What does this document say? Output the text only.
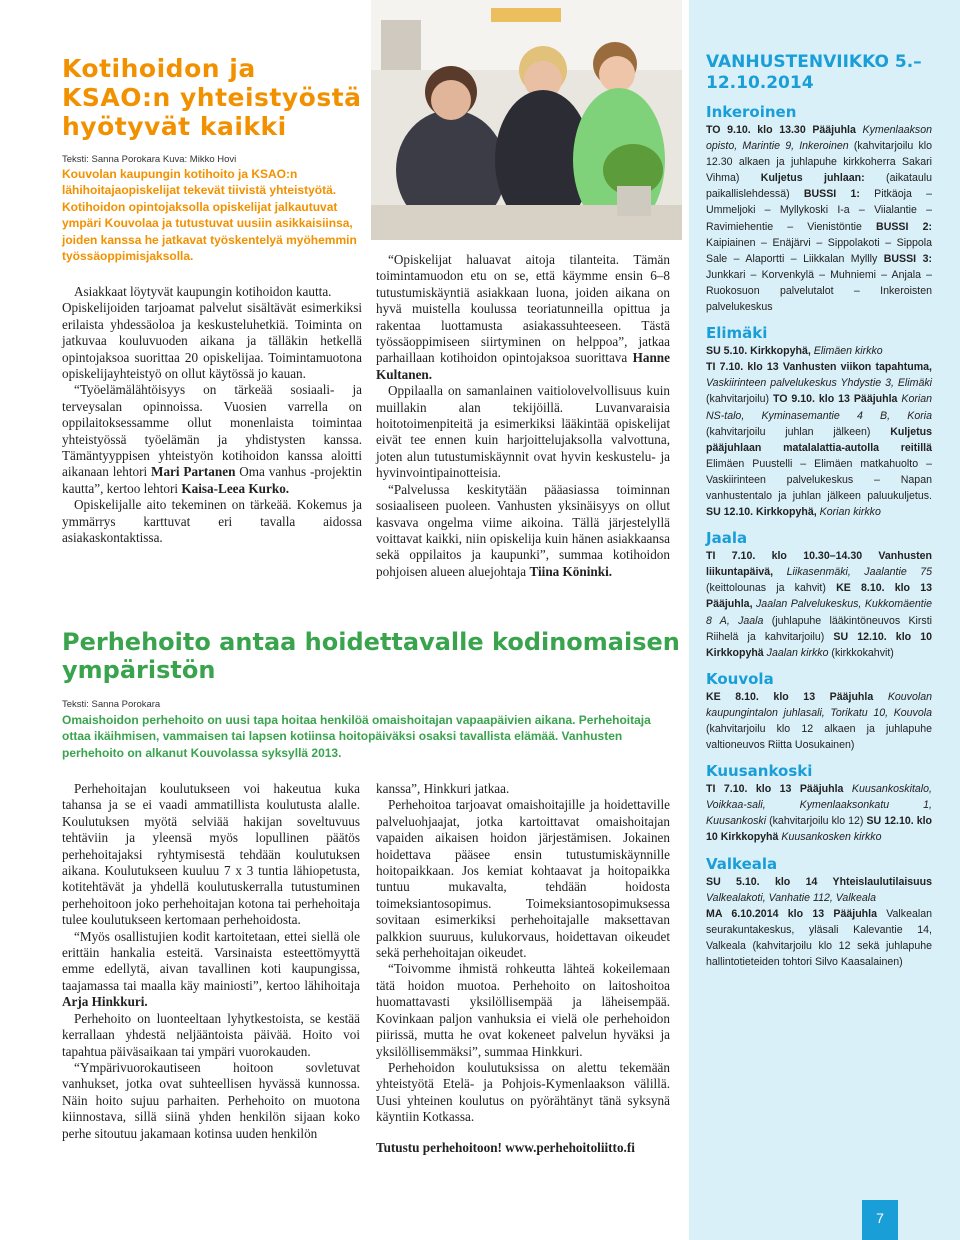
Kotihoidon ja KSAO:n yhteistyöstä hyötyvät kaikki
Teksti: Sanna Porokara Kuva: Mikko Hovi
Kouvolan kaupungin kotihoito ja KSAO:n lähihoitajaopiskelijat tekevät tiivistä yhteistyötä. Kotihoidon opintojaksolla opiskelijat jalkautuvat ympäri Kouvolaa ja tutustuvat uusiin asikkaisiinsa, joiden kanssa he jatkavat työskentelyä myöhemmin työssäoppimisjaksolla.

Asiakkaat löytyvät kaupungin kotihoidon kautta.

Opiskelijoiden tarjoamat palvelut sisältävät esimerkiksi erilaista yhdessäoloa ja keskusteluhetkiä. Toiminta on jatkuvaa kouluvuoden aikana ja tälläkin hetkellä opintojaksoa suorittaa 20 opiskelijaa. Toimintamuotona opiskelijayhteistyö on ollut käytössä jo kauan.

“Työelämälähtöisyys on tärkeää sosiaali- ja terveysalan opinnoissa. Vuosien varrella on oppilaitoksessamme ollut monenlaista toimintaa yhteistyössä työelämän ja yhdistysten kanssa. Tämäntyyppisen yhteistyön kotihoidon kanssa aloitti aikanaan lehtori Mari Partanen Oma vanhus -projektin kautta”, kertoo lehtori Kaisa-Leea Kurko.

Opiskelijalle aito tekeminen on tärkeää. Kokemus ja ymmärrys karttuvat eri tavalla aidossa asiakaskontaktissa.

“Opiskelijat haluavat aitoja tilanteita. Tämän toimintamuodon etu on se, että käymme ensin 6–8 tutustumiskäyntiä asiakkaan luona, joiden aikana on hyvä muistella koulussa teoriatunneilla opittua ja rakentaa luottamusta asiakassuhteeseen. Tästä työssäoppimiseen siirtyminen on helppoa”, jatkaa parhaillaan kotihoidon opintojaksoa suorittava Hanne Kultanen.

Oppilaalla on samanlainen vaitiolovelvollisuus kuin muillakin alan tekijöillä. Luvanvaraisia hoitotoimenpiteitä ja esimerkiksi lääkintää opiskelijat eivät tee ennen kuin harjoittelujaksolla valvottuna, joten alun tutustumiskäynnit ovat hyvin keskustelu- ja hyvinvointipainotteisia.

“Palvelussa keskitytään pääasiassa toiminnan sosiaaliseen puoleen. Vanhusten yksinäisyys on ollut kasvava ongelma viime aikoina. Tällä järjestelyllä voittavat kaikki, niin opiskelija kuin hänen asiakkaansa sekä oppilaitos ja kaupunki”, summaa kotihoidon pohjoisen alueen aluejohtaja Tiina Köninki.

Perhehoito antaa hoidettavalle kodinomaisen ympäristön
Teksti: Sanna Porokara
Omaishoidon perhehoito on uusi tapa hoitaa henkilöä omaishoitajan vapaapäivien aikana. Perhehoitaja ottaa ikäihmisen, vammaisen tai lapsen kotiinsa hoitopäiväksi osaksi tavallista elämää. Vanhusten perhehoito on alkanut Kouvolassa syksyllä 2013.

Perhehoitajan koulutukseen voi hakeutua kuka tahansa ja se ei vaadi ammatillista koulutusta alalle. Koulutuksen myötä selviää hakijan soveltuvuus tehtäviin ja yleensä myös lopullinen päätös perhehoitajaksi ryhtymisestä tehdään koulutuksen aikana. Koulutukseen kuuluu 7 x 3 tuntia lähiopetusta, kotitehtävät ja yhdellä koulutuskerralla tutustuminen perhehoitoon joko perhehoitajan kotona tai perhehoitaja tulee koulutukseen kertomaan perhehoidosta.

“Myös osallistujien kodit kartoitetaan, ettei siellä ole erittäin hankalia esteitä. Varsinaista esteettömyyttä emme edellytä, aivan tavallinen koti kaupungissa, taajamassa tai maalla käy mainiosti”, kertoo lähihoitaja Arja Hinkkuri.

Perhehoito on luonteeltaan lyhytkestoista, se kestää kerrallaan yhdestä neljääntoista päivää. Hoito voi tapahtua päiväsaikaan tai ympäri vuorokauden.

“Ympärivuorokautiseen hoitoon sovletuvat vanhukset, jotka ovat suhteellisen hyvässä kunnossa. Näin hoito sujuu parhaiten. Perhehoito on muotona kiinnostava, sillä siinä yhden henkilön sijaan koko perhe sitoutuu jakamaan kotinsa uuden henkilön

kanssa”, Hinkkuri jatkaa.

Perhehoitoa tarjoavat omaishoitajille ja hoidettaville palveluohjaajat, jotka kartoittavat omaishoitajan vapaiden aikaisen hoidon järjestämisen. Jokainen hoidettava pääsee ensin tutustumiskäynnille hoitopaikkaan. Jos kemiat kohtaavat ja hoitopaikka tuntuu mukavalta, tehdään hoidosta toimeksiantosopimus. Toimeksiantosopimuksessa sovitaan esimerkiksi perhehoitajalle maksettavan palkkion suuruus, kulukorvaus, hoidettavan oikeudet sekä perhehoitajan oikeudet.

“Toivomme ihmistä rohkeutta lähteä kokeilemaan tätä hoidon muotoa. Perhehoito on laitoshoitoa huomattavasti yksilöllisempää ja läheisempää. Kovinkaan paljon vanhuksia ei vielä ole perhehoidon piirissä, mutta he ovat kokeneet palvelun hyväksi ja yksilöllisemmäksi”, summaa Hinkkuri.

Perhehoidon koulutuksissa on alettu tekemään yhteistyötä Etelä- ja Pohjois-Kymenlaakson välillä. Uusi yhteinen koulutus on pyörähtänyt tänä syksynä käyntiin Kotkassa.

Tutustu perhehoitoon! www.perhehoitoliitto.fi

VANHUSTENVIIKKO 5.–12.10.2014
Inkeroinen

TO 9.10. klo 13.30 Pääjuhla Kymenlaakson opisto, Marintie 9, Inkeroinen (kahvitarjoilu klo 12.30 alkaen ja juhlapuhe kirkkoherra Sakari Vihma) Kuljetus juhlaan: (aikataulu paikallislehdessä) BUSSI 1: Pitkäoja – Ummeljoki – Myllykoski I-a – Viialantie – Ravimiehentie – Vienistöntie BUSSI 2: Kaipiainen – Enäjärvi – Sippolakoti – Sippola Sale – Alaportti – Liikkalan Myllly BUSSI 3: Junkkari – Korvenkylä – Muhniemi – Anjala – Ruokosuon palvelutalot – Inkeroisten palvelukeskus

Elimäki

SU 5.10. Kirkkopyhä, Elimäen kirkko
TI 7.10. klo 13 Vanhusten viikon tapahtuma, Vaskiirinteen palvelukeskus Yhdystie 3, Elimäki (kahvitarjoilu) TO 9.10. klo 13 Pääjuhla Korian NS-talo, Kyminasemantie 4 B, Koria (kahvitarjoilu juhlan jälkeen) Kuljetus pääjuhlaan matalalattia-autolla reitillä Elimäen Puustelli – Elimäen matkahuolto – Vaskiirinteen palvelukeskus – Napan vanhustentalo ja juhlan jälkeen paluukuljetus. SU 12.10. Kirkkopyhä, Korian kirkko

Jaala

TI 7.10. klo 10.30–14.30 Vanhusten liikuntapäivä, Liikasenmäki, Jaalantie 75 (keittolounas ja kahvit) KE 8.10. klo 13 Pääjuhla, Jaalan Palvelukeskus, Kukkomäentie 8 A, Jaala (juhlapuhe lääkintöneuvos Kirsti Riihelä ja kahvitarjoilu) SU 12.10. klo 10 Kirkkopyhä Jaalan kirkko (kirkkokahvit)

Kouvola

KE 8.10. klo 13 Pääjuhla Kouvolan kaupungintalon juhlasali, Torikatu 10, Kouvola (kahvitarjoilu klo 12 alkaen ja juhlapuhe valtioneuvos Riitta Uosukainen)

Kuusankoski

TI 7.10. klo 13 Pääjuhla Kuusankoskitalo, Voikkaa-sali, Kymenlaaksonkatu 1, Kuusankoski (kahvitarjoilu klo 12) SU 12.10. klo 10 Kirkkopyhä Kuusankosken kirkko

Valkeala

SU 5.10. klo 14 Yhteislaulutilaisuus Valkealakoti, Vanhatie 112, Valkeala
MA 6.10.2014 klo 13 Pääjuhla Valkealan seurakuntakeskus, yläsali Kalevantie 14, Valkeala (kahvitarjoilu klo 12 sekä juhlapuhe hallintotieteiden tohtori Silvo Kaasalainen)

7
